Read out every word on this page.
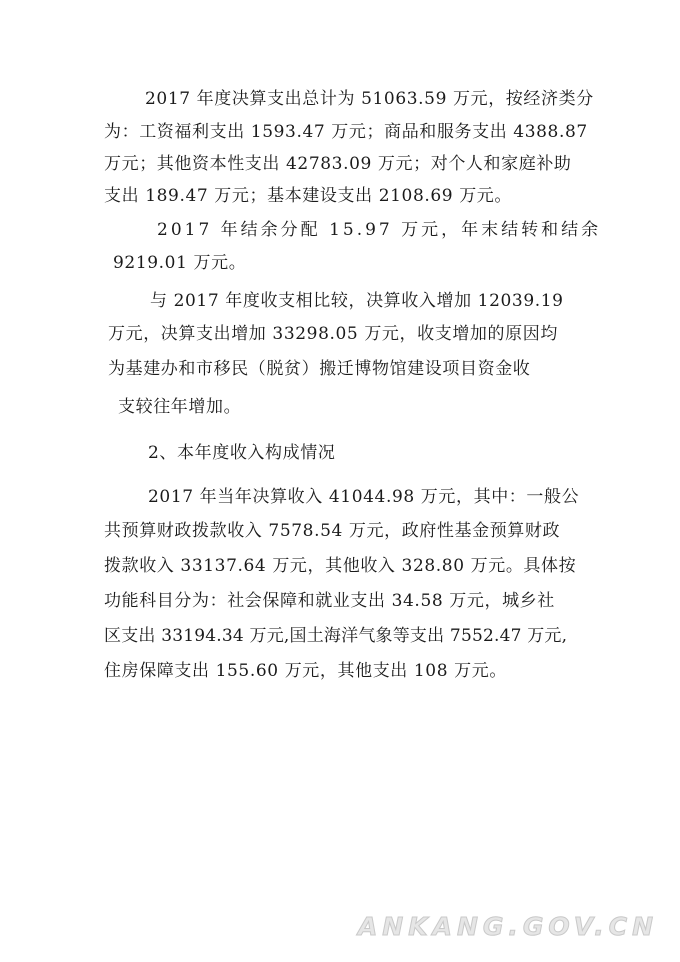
2017 年度决算支出总计为 51063.59 万元，按经济类分
为：工资福利支出 1593.47 万元；商品和服务支出 4388.87
万元；其他资本性支出 42783.09 万元；对个人和家庭补助
支出 189.47 万元；基本建设支出 2108.69 万元。
2017 年结余分配 15.97 万元，年末结转和结余
9219.01 万元。
与 2017 年度收支相比较，决算收入增加 12039.19
万元，决算支出增加 33298.05 万元，收支增加的原因均
为基建办和市移民（脱贫）搬迁博物馆建设项目资金收
支较往年增加。
2、本年度收入构成情况
2017 年当年决算收入 41044.98 万元，其中：一般公
共预算财政拨款收入 7578.54 万元，政府性基金预算财政
拨款收入 33137.64 万元，其他收入 328.80 万元。具体按
功能科目分为：社会保障和就业支出 34.58 万元，城乡社
区支出 33194.34 万元,国土海洋气象等支出 7552.47 万元,
住房保障支出 155.60 万元，其他支出 108 万元。
ANKANG.GOV.CN
